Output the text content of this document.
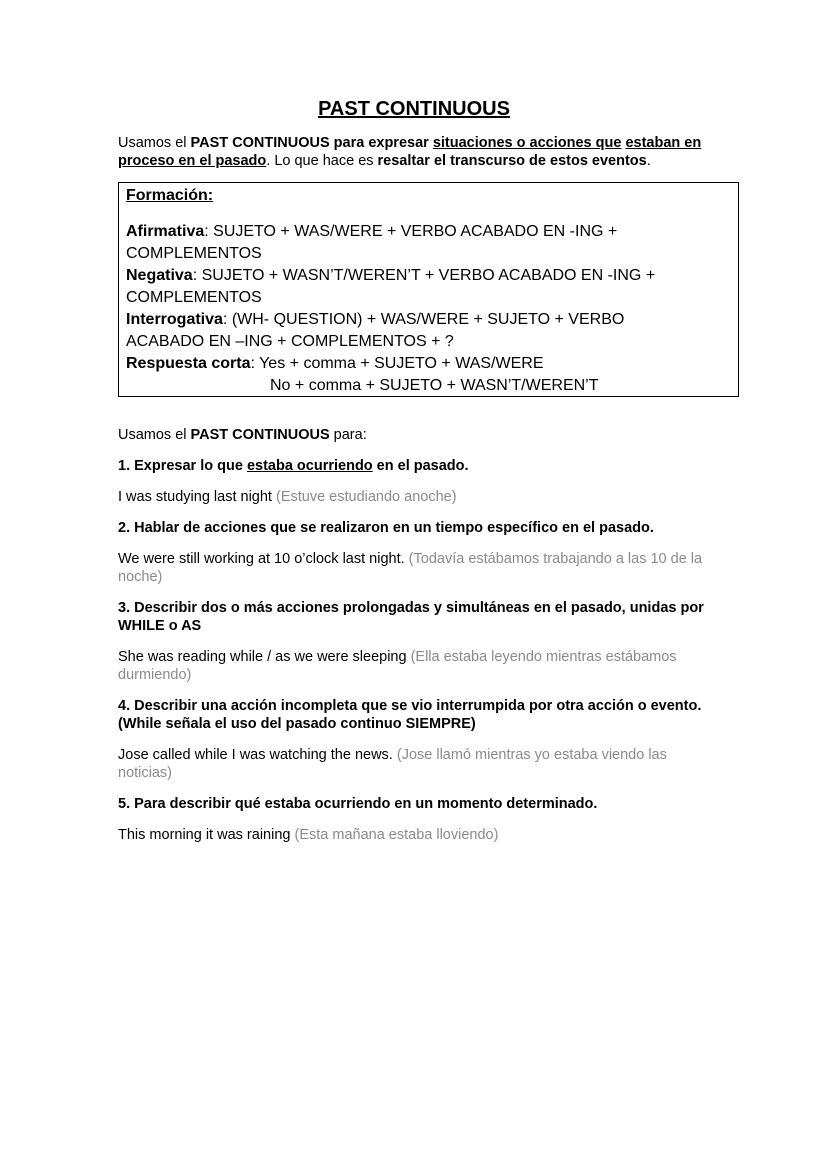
PAST CONTINUOUS
Usamos el PAST CONTINUOUS para expresar situaciones o acciones que estaban en proceso en el pasado. Lo que hace es resaltar el transcurso de estos eventos.
Formación:
Afirmativa: SUJETO + WAS/WERE + VERBO ACABADO EN -ING +
COMPLEMENTOS
Negativa: SUJETO + WASN’T/WEREN’T + VERBO ACABADO EN -ING +
COMPLEMENTOS
Interrogativa: (WH- QUESTION) + WAS/WERE + SUJETO + VERBO
ACABADO EN –ING + COMPLEMENTOS + ?
Respuesta corta: Yes + comma + SUJETO + WAS/WERE
No + comma + SUJETO + WASN’T/WEREN’T

Usamos el PAST CONTINUOUS para:

1. Expresar lo que estaba ocurriendo en el pasado.
I was studying last night (Estuve estudiando anoche)
2. Hablar de acciones que se realizaron en un tiempo específico en el pasado.
We were still working at 10 o’clock last night. (Todavía estábamos trabajando a las 10 de la noche)
3. Describir dos o más acciones prolongadas y simultáneas en el pasado, unidas por WHILE o AS
She was reading while / as we were sleeping (Ella estaba leyendo mientras estábamos durmiendo)
4. Describir una acción incompleta que se vio interrumpida por otra acción o evento. (While señala el uso del pasado continuo SIEMPRE)
Jose called while I was watching the news. (Jose llamó mientras yo estaba viendo las noticias)
5. Para describir qué estaba ocurriendo en un momento determinado.
This morning it was raining (Esta mañana estaba lloviendo)
